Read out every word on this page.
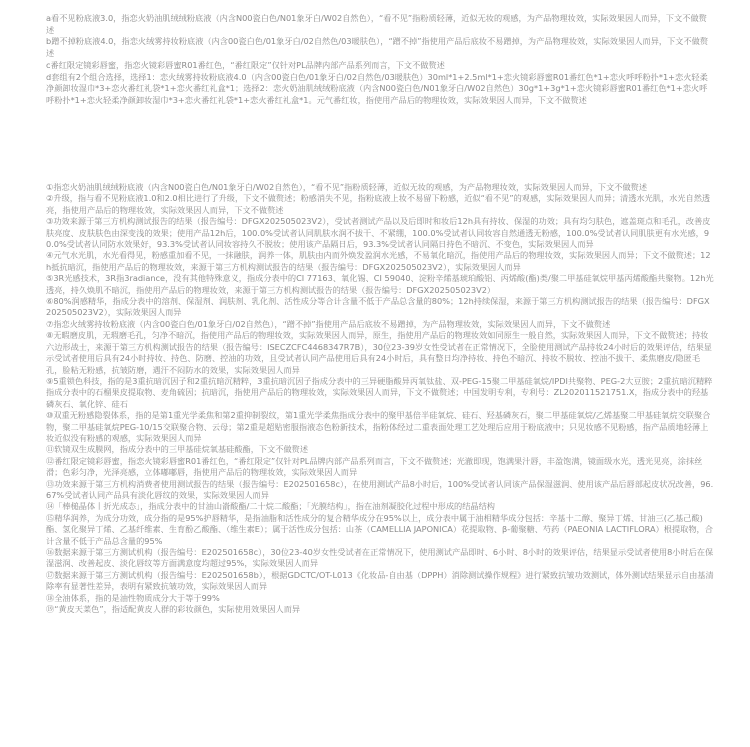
a看不见粉底液3.0，指恋火奶油肌绒绒粉底液（内含N00瓷白色/N01象牙白/W02自然色），“看不见”指粉质轻薄，近似无妆的观感，为产品物理妆效，实际效果因人而异，下文不做赘述

b蹭不掉粉底液4.0，指恋火绒雾持妆粉底液（内含00瓷白色/01象牙白/02自然色/03暖肤色），“蹭不掉”指使用产品后底妆不易蹭掉，为产品物理妆效，实际效果因人而异，下文不做赘述

c番红限定镜彩唇蜜，指恋火镜彩唇蜜R01番红色，“番红限定”仅针对PL品牌内部产品系列而言，下文不做赘述

d套组有2个组合选择，选择1：恋火绒雾持妆粉底液4.0（内含00瓷白色/01象牙白/02自然色/03暖肤色）30ml*1+2.5ml*1+恋火镜彩唇蜜R01番红色*1+恋火呼呼粉扑*1+恋火轻柔净颜卸妆湿巾*3+恋火番红礼袋*1+恋火番红礼盒*1；选择2：恋火奶油肌绒绒粉底液（内含N00瓷白色/N01象牙白/W02自然色）30g*1+3g*1+恋火镜彩唇蜜R01番红色*1+恋火呼呼粉扑*1+恋火轻柔净颜卸妆湿巾*3+恋火番红礼袋*1+恋火番红礼盒*1。元气番红妆，指使用产品后的物理妆效，实际效果因人而异，下文不做赘述

①指恋火奶油肌绒绒粉底液（内含N00瓷白色/N01象牙白/W02自然色），“看不见”指粉质轻薄，近似无妆的观感，为产品物理妆效，实际效果因人而异，下文不做赘述

②升级，指与看不见粉底液1.0和2.0相比进行了升级，下文不做赘述；粉感消失不见，指粉底液上妆不易留下粉感，近似“看不见”的观感，实际效果因人而异；清透水光肌，水光自然透亮，指使用产品后的物理妆效，实际效果因人而异，下文不做赘述

③功效来源于第三方机构测试报告的结果（报告编号：DFGX202505023V2），受试者测试产品以及后即时和妆后12h具有持妆、保湿的功效；具有均匀肤色，遮盖斑点和毛孔，改善皮肤亮度、皮肤肤色由深变浅的效果；使用产品12h后，100.0%受试者认同肌肤水润不拔干、不紧绷，100.0%受试者认同妆容自然通透无粉感，100.0%受试者认同肌肤更有水光感，90.0%受试者认同防水效果好，93.3%受试者认同妆容持久不脱妆；使用该产品隔日后，93.3%受试者认同隔日持色不暗沉、不变色，实际效果因人而异

④元气水光肌，水光看得见，粉感重加看不见，一抹融肤，润养一体，肌肤由内而外焕发盈润水光感，不易氧化暗沉，指使用产品后的物理妆效，实际效果因人而异；下文不做赘述；12h抵抗暗沉，指使用产品后的物理妆效，来源于第三方机构测试报告的结果（报告编号：DFGX202505023V2），实际效果因人而异

⑤3R光感技术，3R指3radiance，没有其他特殊意义，指成分表中的CI 77163、氧化锡、CI 59040、淀粉辛烯基琥珀酸铝、丙烯酸(酯)类/聚二甲基硅氧烷甲基丙烯酸酯共聚物。12h光透亮，持久焕肌不暗沉，指使用产品后的物理妆效，来源于第三方机构测试报告的结果（报告编号：DFGX202505023V2）

⑥80%润感精华，指成分表中的溶剂、保湿剂、润肤剂、乳化剂、活性成分等合计含量不低于产品总含量的80%；12h持续保湿，来源于第三方机构测试报告的结果（报告编号：DFGX202505023V2），实际效果因人而异

⑦指恋火绒雾持妆粉底液（内含00瓷白色/01象牙白/02自然色），“蹭不掉”指使用产品后底妆不易蹭掉，为产品物理妆效，实际效果因人而异，下文不做赘述

⑧无暇磨皮肌，无瑕磨毛孔，匀净不暗沉，指使用产品后的物理妆效，实际效果因人而异，原生，指使用产品后的物理妆效如同原生一般自然，实际效果因人而异，下文不做赘述；持妆六边形战士，来源于第三方机构测试报告的结果（报告编号：ISECZCFC4468347R7B），30位23-39岁女性受试者在正常情况下，全脸使用测试产品持妆24小时后的效果评估，结果显示受试者使用后具有24小时持妆、持色、防磨、控油的功效，且受试者认同产品使用后具有24小时后，具有整日均净持妆、持色不暗沉、持妆不脱妆、控油不拔干、柔焦磨皮/隐匿毛孔，脸粘无粉感，抗皱防磨，遇汗不闷防水的效果，实际效果因人而异

⑨5重锁色科技，指的是3重抗暗沉因子和2重抗暗沉精粹，3重抗暗沉因子指成分表中的三异硬脂酸异丙氧钛盐、双-PEG-15聚二甲基硅氧烷/IPDI共聚物、PEG-2大豆胺；2重抗暗沉精粹指成分表中的石榴果皮提取物、麦角硫因；抗暗沉，指使用产品后的物理妆效，实际效果因人而异，下文不做赘述；中国发明专利，专利号：ZL202011521751.X，指成分表中的羟基磷灰石、氧化锌、硅石

⑩双重无粉感隐裂体系，指的是第1重光学柔焦和第2重抑制裂纹，第1重光学柔焦指成分表中的聚甲基倍半硅氧烷、硅石、羟基磷灰石，聚二甲基硅氧烷/乙烯基聚二甲基硅氧烷交联聚合物，聚二甲基硅氧烷PEG-10/15交联聚合物、云母；第2重是超贴密服指液态色粉新技术，指粉体经过二重表面处理工艺处理后应用于粉底液中；只见妆感不见粉感，指产品质地轻薄上妆近似没有粉感的观感，实际效果因人而异

⑪软镜双生成膜网，指成分表中的三甲基硅烷氧基硅酸酯，下文不做赘述

⑫番红限定镜彩唇蜜，指恋火镜彩唇蜜R01番红色，“番红限定”仅针对PL品牌内部产品系列而言，下文不做赘述；光澈即现，饱满果汁唇，丰盈饱满，镜面级水光，透光见亮，涂抹丝滑；色彩匀净，光泽亮感，立体嘟嘟唇，指使用产品后的物理妆效，实际效果因人而异

⑬功效来源于第三方机构消费者使用测试报告的结果（报告编号：E202501658c），在使用测试产品8小时后，100%受试者认同该产品保湿滋润、使用该产品后唇部起皮状况改善，96.67%受试者认同产品具有淡化唇纹的效果，实际效果因人而异

⑭「棒槌晶体丨折光成态」，指成分表中的甘油山嵛酸酯/二十烷二酸酯；「光膜结构」，指在油剂凝胶化过程中形成的结晶结构

⑮精华润养，为成分功效，成分指的是95%护唇精华，是指油脂和活性成分的复合精华成分在95%以上，成分表中属于油相精华成分包括：辛基十二醇、聚异丁烯、甘油三(乙基己酸)酯、氢化聚异丁烯、乙基纤维素、生育酚乙酸酯、（维生素E）；属于活性成分包括：山茶（CAMELLIA JAPONICA）花提取物、β-葡聚糖、芍药（PAEONIA LACTIFLORA）根提取物，合计含量不低于产品总含量的95%

⑯数据来源于第三方测试机构（报告编号：E202501658c），30位23-40岁女性受试者在正常情况下，使用测试产品即时、6小时、8小时的效果评估，结果显示受试者使用8小时后在保湿滋润、改善起皮、淡化唇纹等方面满意度均超过95%，实际效果因人而异

⑰数据来源于第三方测试机构（报告编号：E202501658b），根据GDCTC/OT-L013《化妆品-自由基（DPPH）消除测试操作规程》进行紧致抗皱功效测试，体外测试结果显示自由基清除率有显著性差异，表明有紧致抗皱功效，实际效果因人而异

⑱全油体系，指的是油性物质成分大于等于99%

⑲“黄皮天菜色”，指适配黄皮人群的彩妆颜色，实际使用效果因人而异
